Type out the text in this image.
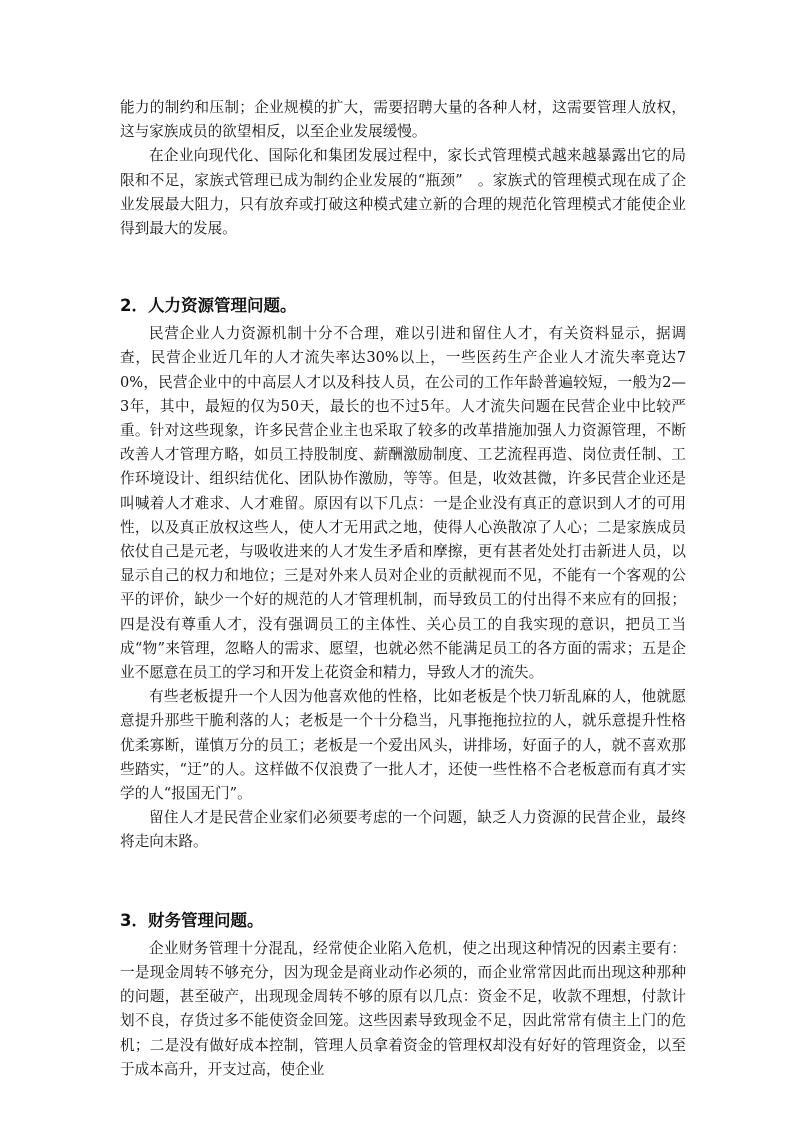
能力的制约和压制；企业规模的扩大，需要招聘大量的各种人材，这需要管理人放权，这与家族成员的欲望相反，以至企业发展缓慢。

在企业向现代化、国际化和集团发展过程中，家长式管理模式越来越暴露出它的局限和不足，家族式管理已成为制约企业发展的“瓶颈”　。家族式的管理模式现在成了企业发展最大阻力，只有放弃或打破这种模式建立新的合理的规范化管理模式才能使企业得到最大的发展。

2．人力资源管理问题。

民营企业人力资源机制十分不合理，难以引进和留住人才，有关资料显示，据调查，民营企业近几年的人才流失率达30%以上，一些医药生产企业人才流失率竟达70%，民营企业中的中高层人才以及科技人员，在公司的工作年龄普遍较短，一般为2—3年，其中，最短的仅为50天，最长的也不过5年。人才流失问题在民营企业中比较严重。针对这些现象，许多民营企业主也采取了较多的改革措施加强人力资源管理，不断改善人才管理方略，如员工持股制度、薪酬激励制度、工艺流程再造、岗位责任制、工作环境设计、组织结优化、团队协作激励，等等。但是，收效甚微，许多民营企业还是叫喊着人才难求、人才难留。原因有以下几点：一是企业没有真正的意识到人才的可用性，以及真正放权这些人，使人才无用武之地，使得人心涣散凉了人心；二是家族成员依仗自己是元老，与吸收进来的人才发生矛盾和摩擦，更有甚者处处打击新进人员，以显示自己的权力和地位；三是对外来人员对企业的贡献视而不见，不能有一个客观的公平的评价，缺少一个好的规范的人才管理机制，而导致员工的付出得不来应有的回报；四是没有尊重人才，没有强调员工的主体性、关心员工的自我实现的意识，把员工当成“物”来管理，忽略人的需求、愿望，也就必然不能满足员工的各方面的需求；五是企业不愿意在员工的学习和开发上花资金和精力，导致人才的流失。

有些老板提升一个人因为他喜欢他的性格，比如老板是个快刀斩乱麻的人，他就愿意提升那些干脆利落的人；老板是一个十分稳当，凡事拖拖拉拉的人，就乐意提升性格优柔寡断，谨慎万分的员工；老板是一个爱出风头，讲排场，好面子的人，就不喜欢那些踏实，“迂”的人。这样做不仅浪费了一批人才，还使一些性格不合老板意而有真才实学的人“报国无门”。

留住人才是民营企业家们必须要考虑的一个问题，缺乏人力资源的民营企业，最终将走向末路。

3．财务管理问题。

企业财务管理十分混乱，经常使企业陷入危机，使之出现这种情况的因素主要有：一是现金周转不够充分，因为现金是商业动作必须的，而企业常常因此而出现这种那种的问题，甚至破产，出现现金周转不够的原有以几点：资金不足，收款不理想，付款计划不良，存货过多不能使资金回笼。这些因素导致现金不足，因此常常有债主上门的危机；二是没有做好成本控制，管理人员拿着资金的管理权却没有好好的管理资金，以至于成本高升，开支过高，使企业
